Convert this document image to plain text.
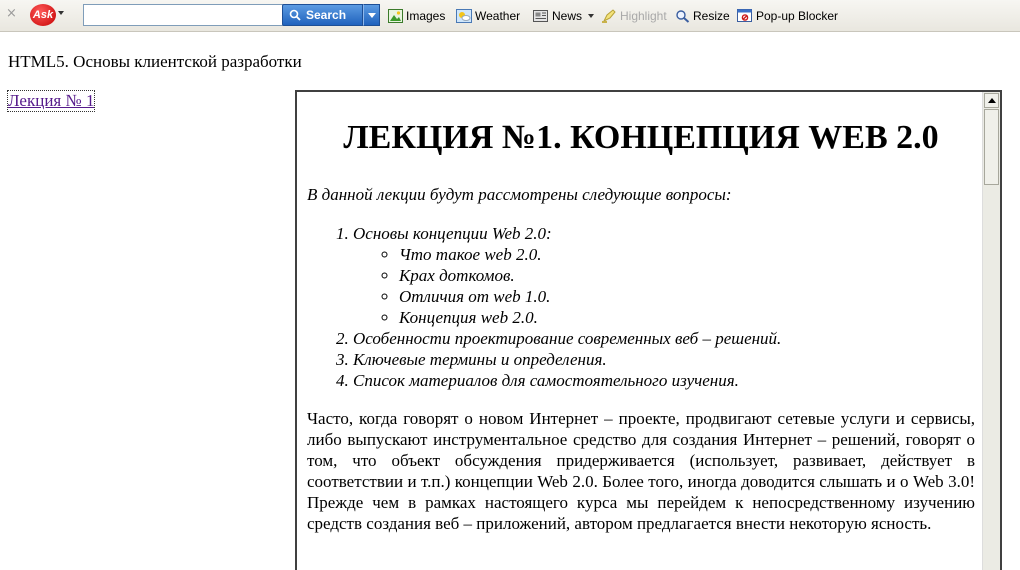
× Ask	Search	Images Weather	News	Highlight Resize Pop-up Blocker
HTML5. Основы клиентской разработки
Лекция № 1
ЛЕКЦИЯ №1. КОНЦЕПЦИЯ WEB 2.0

В данной лекции будут рассмотрены следующие вопросы:

1. Основы концепции Web 2.0:
◦ Что такое web 2.0.
◦ Крах доткомов.
◦ Отличия от web 1.0.
◦ Концепция web 2.0.
2. Особенности проектирование современных веб – решений.
3. Ключевые термины и определения.
4. Список материалов для самостоятельного изучения.

Часто, когда говорят о новом Интернет – проекте, продвигают сетевые услуги и сервисы, либо выпускают инструментальное средство для создания Интернет – решений, говорят о том, что объект обсуждения придерживается (использует, развивает, действует в соответствии и т.п.) концепции Web 2.0. Более того, иногда доводится слышать и о Web 3.0! Прежде чем в рамках настоящего курса мы перейдем к непосредственному изучению средств создания веб – приложений, автором предлагается внести некоторую ясность.
